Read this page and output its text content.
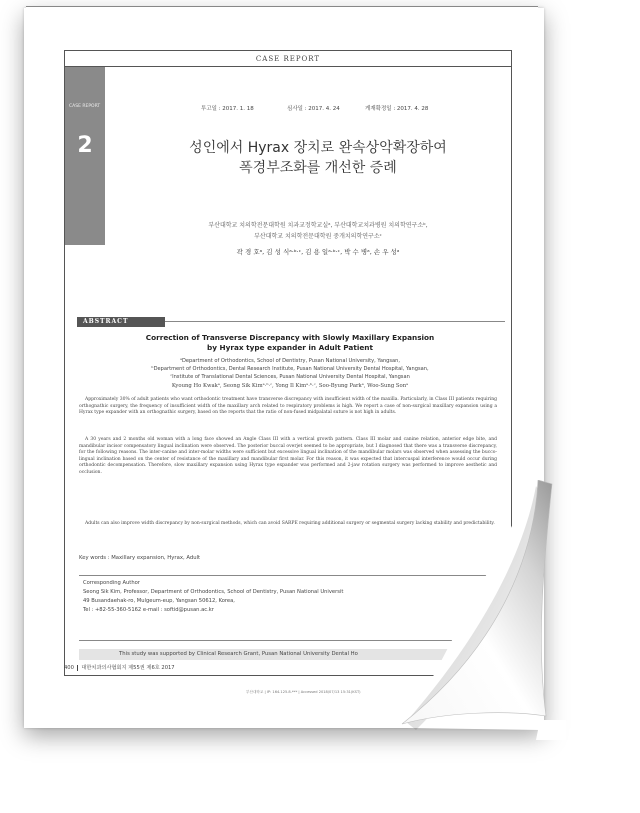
CASE REPORT
CASE REPORT
2
투고일 : 2017. 1. 18	심사일 : 2017. 4. 24	게재확정일 : 2017. 4. 28
성인에서 Hyrax 장치로 완속상악확장하여
폭경부조화를 개선한 증례
부산대학교 치의학전문대학원 치과교정학교실ᵃ, 부산대학교치과병원 치의학연구소ᵇ,
부산대학교 치의학전문대학원 중개치의학연구소ᶜ
곽 경 호ᵃ, 김 성 식ᵃ·ᵇ·ᶜ, 김 용 일ᵃ·ᵇ·ᶜ, 박 수 병ᵃ, 손 우 성ᵃ
ABSTRACT
Correction of Transverse Discrepancy with Slowly Maxillary Expansion
by Hyrax type expander in Adult Patient
ᵃDepartment of Orthodontics, School of Dentistry, Pusan National University, Yangsan,
ᵇDepartment of Orthodontics, Dental Research Institute, Pusan National University Dental Hospital, Yangsan,
ᶜInstitute of Translational Dental Sciences, Pusan National University Dental Hospital, Yangsan
Kyoung Ho Kwakᵃ, Seong Sik Kimᵃ·ᵇ·ᶜ, Yong Il Kimᵃ·ᵇ·ᶜ, Soo-Byung Parkᵃ, Woo-Sung Sonᵃ

Approximately 30% of adult patients who want orthodontic treatment have transverse discrepancy with insufficient width of the maxilla. Particularly, in Class III patients requiring orthognathic surgery, the frequency of insufficient width of the maxillary arch related to respiratory problems is high. We report a case of non-surgical maxillary expansion using a Hyrax type expander with an orthognathic surgery, based on the reports that the ratio of non-fused midpalatal suture is not high in adults.

A 30 years and 2 months old woman with a long face showed an Angle Class III with a vertical growth pattern. Class III molar and canine relation, anterior edge bite, and mandibular incisor compensatory lingual inclination were observed. The posterior buccal overjet seemed to be appropriate, but I diagnosed that there was a transverse discrepancy, for the following reasons. The inter-canine and inter-molar widths were sufficient but excessive lingual inclination of the mandibular molars was observed when assessing the bucco-lingual inclination based on the center of resistance of the maxillary and mandibular first molar. For this reason, it was expected that intercuspal interference would occur during orthodontic decompensation. Therefore, slow maxillary expansion using Hyrax type expander was performed and 2-jaw rotation surgery was performed to improve aesthetic and occlusion.

Adults can also improve width discrepancy by non-surgical methods, which can avoid SARPE requiring additional surgery or segmental surgery lacking stability and predictability.

Key words : Maxillary expansion, Hyrax, Adult
Corresponding Author
Seong Sik Kim, Professor, Department of Orthodontics, School of Dentistry, Pusan National Universit
49 Busandaehak-ro, Mulgeum-eup, Yangsan 50612, Korea,
Tel : +82-55-360-5162 e-mail : softid@pusan.ac.kr
This study was supported by Clinical Research Grant, Pusan National University Dental Ho
400 대한치과의사협회지 제55권 제6호 2017
부산대학교 | IP: 164.125.8.*** | Accessed 2018/07/13 15:31(KST)
